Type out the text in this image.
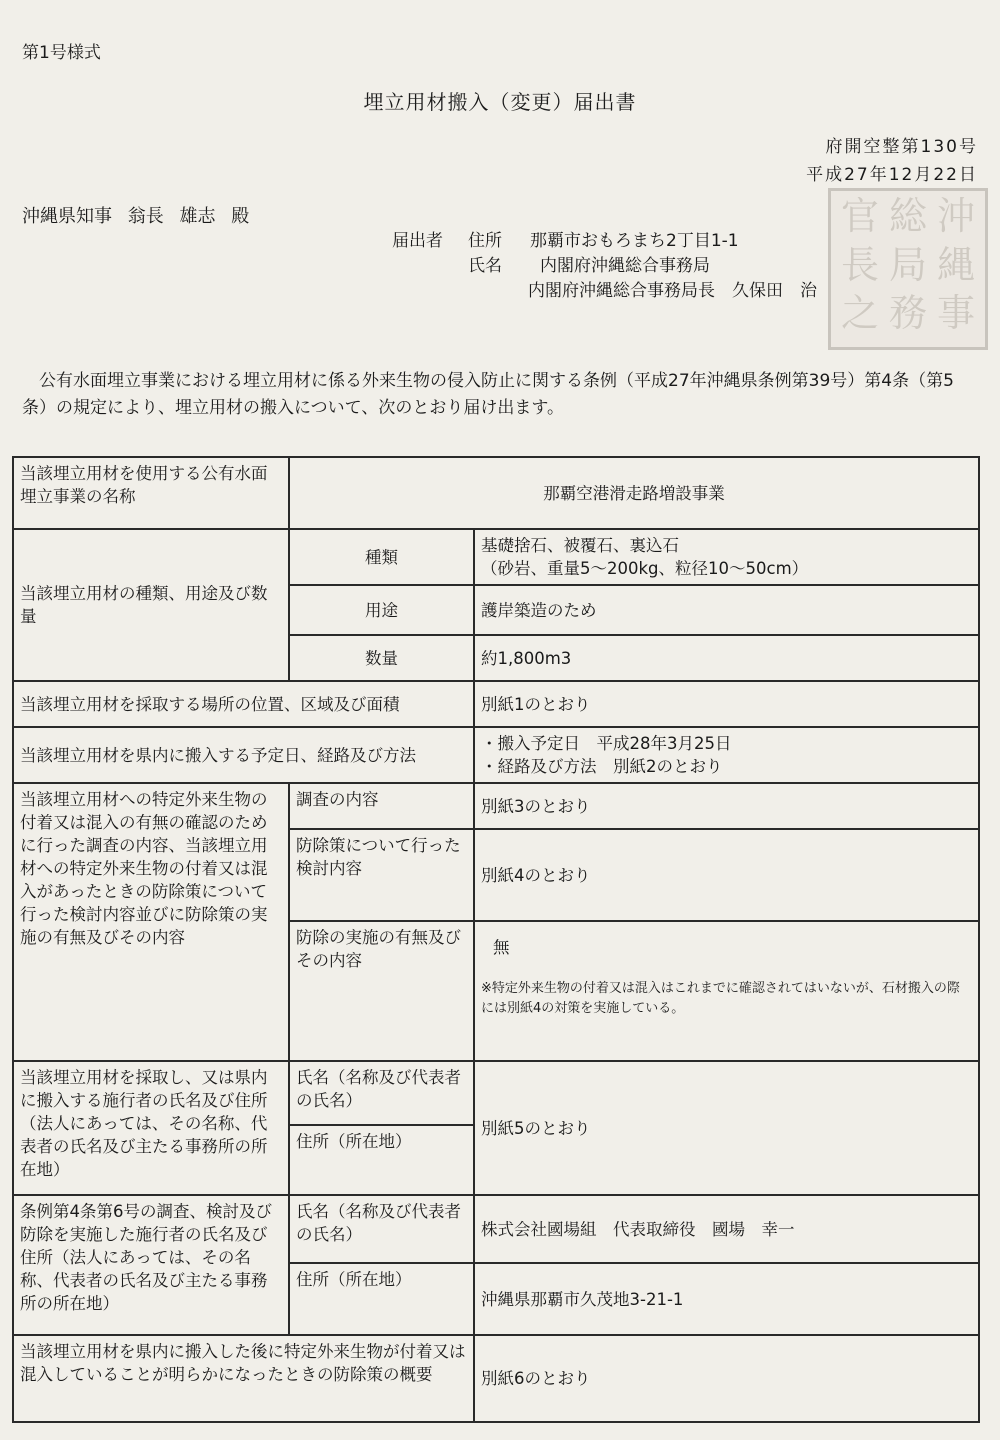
第1号様式
埋立用材搬入（変更）届出書
府開空整第130号
平成27年12月22日
沖縄県知事 翁長 雄志 殿
届出者 住所 那覇市おもろまち2丁目1-1
氏名 内閣府沖縄総合事務局
内閣府沖縄総合事務局長　久保田　治
官 総 沖
長 局 縄
之 務 事
公有水面埋立事業における埋立用材に係る外来生物の侵入防止に関する条例（平成27年沖縄県条例第39号）第4条（第5条）の規定により、埋立用材の搬入について、次のとおり届け出ます。
当該埋立用材を使用する公有水面埋立事業の名称	那覇空港滑走路増設事業	
当該埋立用材の種類、用途及び数量	種類	基礎捨石、被覆石、裏込石
（砂岩、重量5～200kg、粒径10～50cm）

	用途	護岸築造のため
	数量	約1,800m3
当該埋立用材を採取する場所の位置、区域及び面積		別紙1のとおり
当該埋立用材を県内に搬入する予定日、経路及び方法		・搬入予定日　平成28年3月25日
・経路及び方法　別紙2のとおり

当該埋立用材への特定外来生物の付着又は混入の有無の確認のために行った調査の内容、当該埋立用材への特定外来生物の付着又は混入があったときの防除策について行った検討内容並びに防除策の実施の有無及びその内容	調査の内容	別紙3のとおり
	防除策について行った検討内容	別紙4のとおり
	防除の実施の有無及びその内容	無
※特定外来生物の付着又は混入はこれまでに確認されてはいないが、石材搬入の際には別紙4の対策を実施している。

当該埋立用材を採取し、又は県内に搬入する施行者の氏名及び住所（法人にあっては、その名称、代表者の氏名及び主たる事務所の所在地）	氏名（名称及び代表者の氏名）	別紙5のとおり
	住所（所在地）	
条例第4条第6号の調査、検討及び防除を実施した施行者の氏名及び住所（法人にあっては、その名称、代表者の氏名及び主たる事務所の所在地）	氏名（名称及び代表者の氏名）	株式会社國場組　代表取締役　國場　幸一
	住所（所在地）	沖縄県那覇市久茂地3-21-1
当該埋立用材を県内に搬入した後に特定外来生物が付着又は混入していることが明らかになったときの防除策の概要		別紙6のとおり
